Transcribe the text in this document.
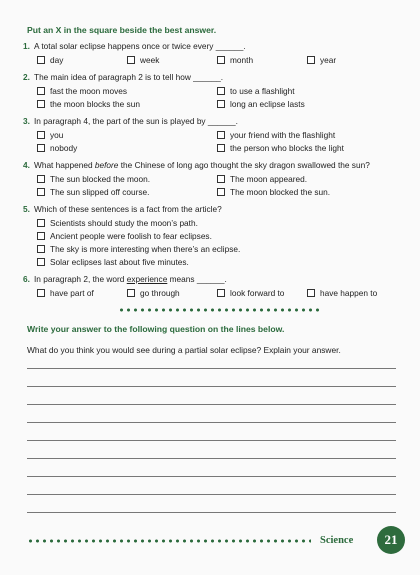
Put an X in the square beside the best answer.
1. A total solar eclipse happens once or twice every ______.
day	week	month	year
2. The main idea of paragraph 2 is to tell how ______.
fast the moon moves	to use a flashlight
the moon blocks the sun	long an eclipse lasts
3. In paragraph 4, the part of the sun is played by ______.
you	your friend with the flashlight
nobody	the person who blocks the light
4. What happened before the Chinese of long ago thought the sky dragon swallowed the sun?
The sun blocked the moon.	The moon appeared.
The sun slipped off course.	The moon blocked the sun.
5. Which of these sentences is a fact from the article?
Scientists should study the moon’s path.
Ancient people were foolish to fear eclipses.
The sky is more interesting when there’s an eclipse.
Solar eclipses last about five minutes.
6. In paragraph 2, the word experience means ______.
have part of	go through	look forward to	have happen to
Write your answer to the following question on the lines below.
What do you think you would see during a partial solar eclipse? Explain your answer.
Science	21
